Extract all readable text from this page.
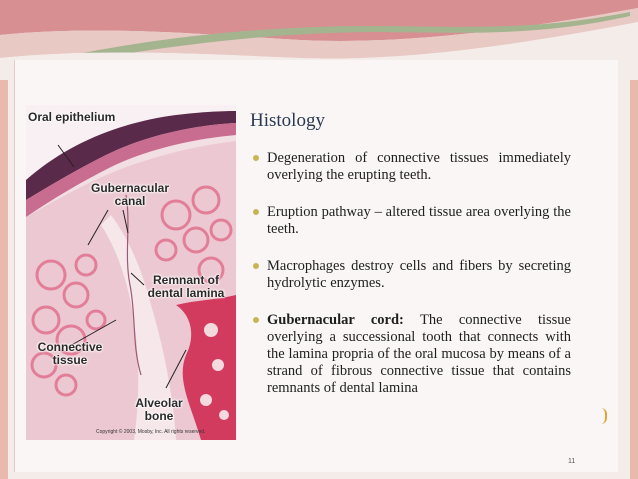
Oral epithelium
Gubernacular canal
Remnant of dental lamina
Connective tissue
Alveolar bone
Copyright © 2003, Mosby, Inc. All rights reserved.
Histology
Degeneration of connective tissues immediately overlying the erupting teeth.
Eruption pathway – altered tissue area overlying the teeth.
Macrophages destroy cells and fibers by secreting hydrolytic enzymes.
Gubernacular cord: The connective tissue overlying a successional tooth that connects with the lamina propria of the oral mucosa by means of a strand of fibrous connective tissue that contains remnants of dental lamina
11
